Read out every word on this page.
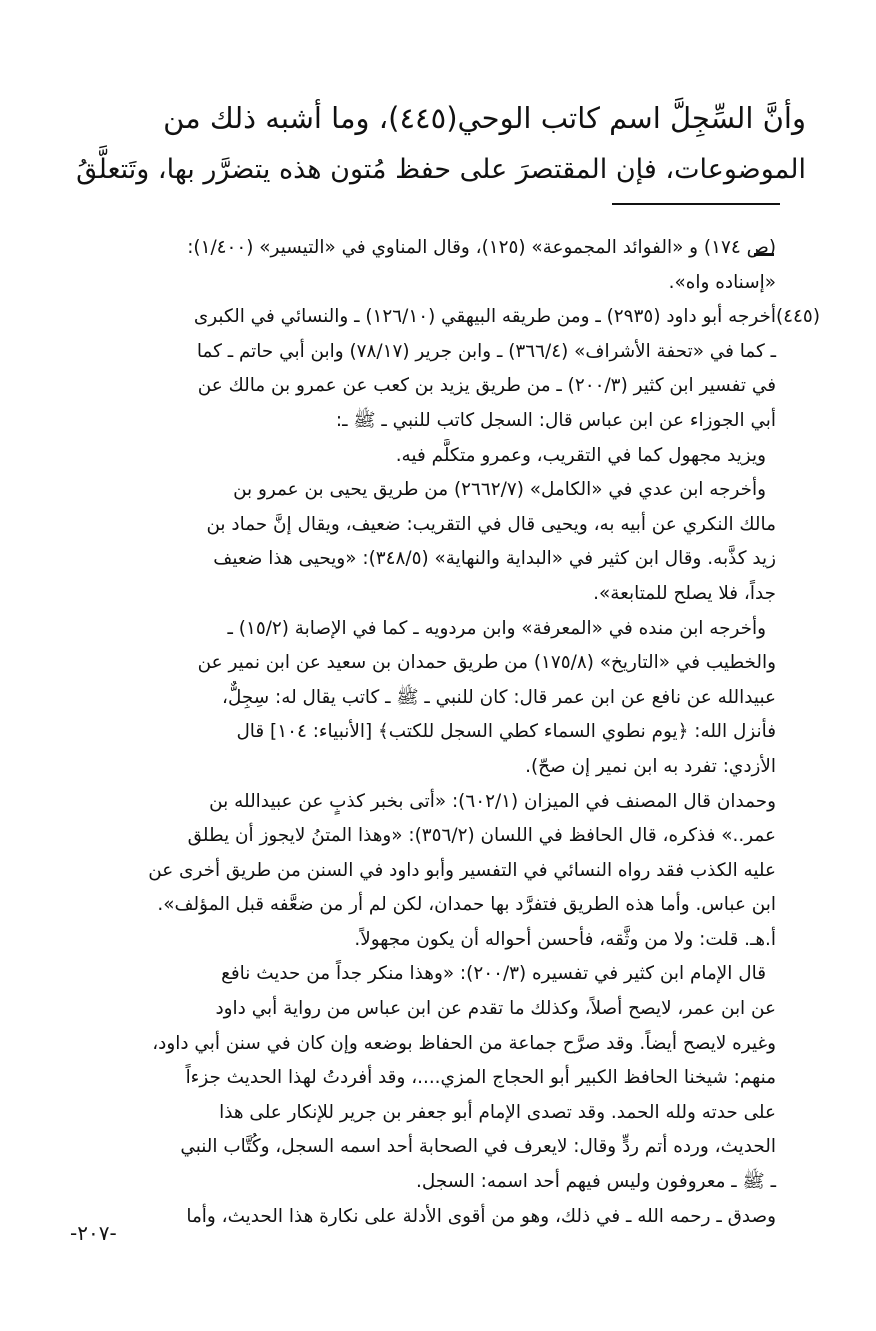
وأنَّ السِّجِلَّ اسم كاتب الوحي(٤٤٥)، وما أشبه ذلك من

الموضوعات، فإن المقتصرَ على حفظ مُتون هذه يتضرَّر بها، وتَتعلَّقُ

(ص ١٧٤) و «الفوائد المجموعة» (١٢٥)، وقال المناوي في «التيسير» (١/٤٠٠):
«إسناده واه».
(٤٤٥)أخرجه أبو داود (٢٩٣٥) ـ ومن طريقه البيهقي (١٢٦/١٠) ـ والنسائي في الكبرى
ـ كما في «تحفة الأشراف» (٣٦٦/٤) ـ وابن جرير (٧٨/١٧) وابن أبي حاتم ـ كما
في تفسير ابن كثير (٢٠٠/٣) ـ من طريق يزيد بن كعب عن عمرو بن مالك عن
أبي الجوزاء عن ابن عباس قال: السجل كاتب للنبي ـ ﷺ ـ:
ويزيد مجهول كما في التقريب، وعمرو متكلَّم فيه.
وأخرجه ابن عدي في «الكامل» (٢٦٦٢/٧) من طريق يحيى بن عمرو بن
مالك النكري عن أبيه به، ويحيى قال في التقريب: ضعيف، ويقال إنَّ حماد بن
زيد كذَّبه. وقال ابن كثير في «البداية والنهاية» (٣٤٨/٥): «ويحيى هذا ضعيف
جداً، فلا يصلح للمتابعة».
وأخرجه ابن منده في «المعرفة» وابن مردويه ـ كما في الإصابة (١٥/٢) ـ
والخطيب في «التاريخ» (١٧٥/٨) من طريق حمدان بن سعيد عن ابن نمير عن
عبيدالله عن نافع عن ابن عمر قال: كان للنبي ـ ﷺ ـ كاتب يقال له: سِجِلٌّ،
فأنزل الله: ﴿يوم نطوي السماء كطي السجل للكتب﴾ [الأنبياء: ١٠٤] قال
الأزدي: تفرد به ابن نمير إن صحّ).
وحمدان قال المصنف في الميزان (٦٠٢/١): «أتى بخبر كذبٍ عن عبيدالله بن
عمر..» فذكره، قال الحافظ في اللسان (٣٥٦/٢): «وهذا المتنُ لايجوز أن يطلق
عليه الكذب فقد رواه النسائي في التفسير وأبو داود في السنن من طريق أخرى عن
ابن عباس. وأما هذه الطريق فتفرَّد بها حمدان، لكن لم أر من ضعَّفه قبل المؤلف».
أ.هـ. قلت: ولا من وثَّقه، فأحسن أحواله أن يكون مجهولاً.
قال الإمام ابن كثير في تفسيره (٢٠٠/٣): «وهذا منكر جداً من حديث نافع
عن ابن عمر، لايصح أصلاً، وكذلك ما تقدم عن ابن عباس من رواية أبي داود
وغيره لايصح أيضاً. وقد صرَّح جماعة من الحفاظ بوضعه وإن كان في سنن أبي داود،
منهم: شيخنا الحافظ الكبير أبو الحجاج المزي....، وقد أفردتُ لهذا الحديث جزءاً
على حدته ولله الحمد. وقد تصدى الإمام أبو جعفر بن جرير للإنكار على هذا
الحديث، ورده أتم ردٍّ وقال: لايعرف في الصحابة أحد اسمه السجل، وكُتَّاب النبي
ـ ﷺ ـ معروفون وليس فيهم أحد اسمه: السجل.
وصدق ـ رحمه الله ـ في ذلك، وهو من أقوى الأدلة على نكارة هذا الحديث، وأما
-٢٠٧-
